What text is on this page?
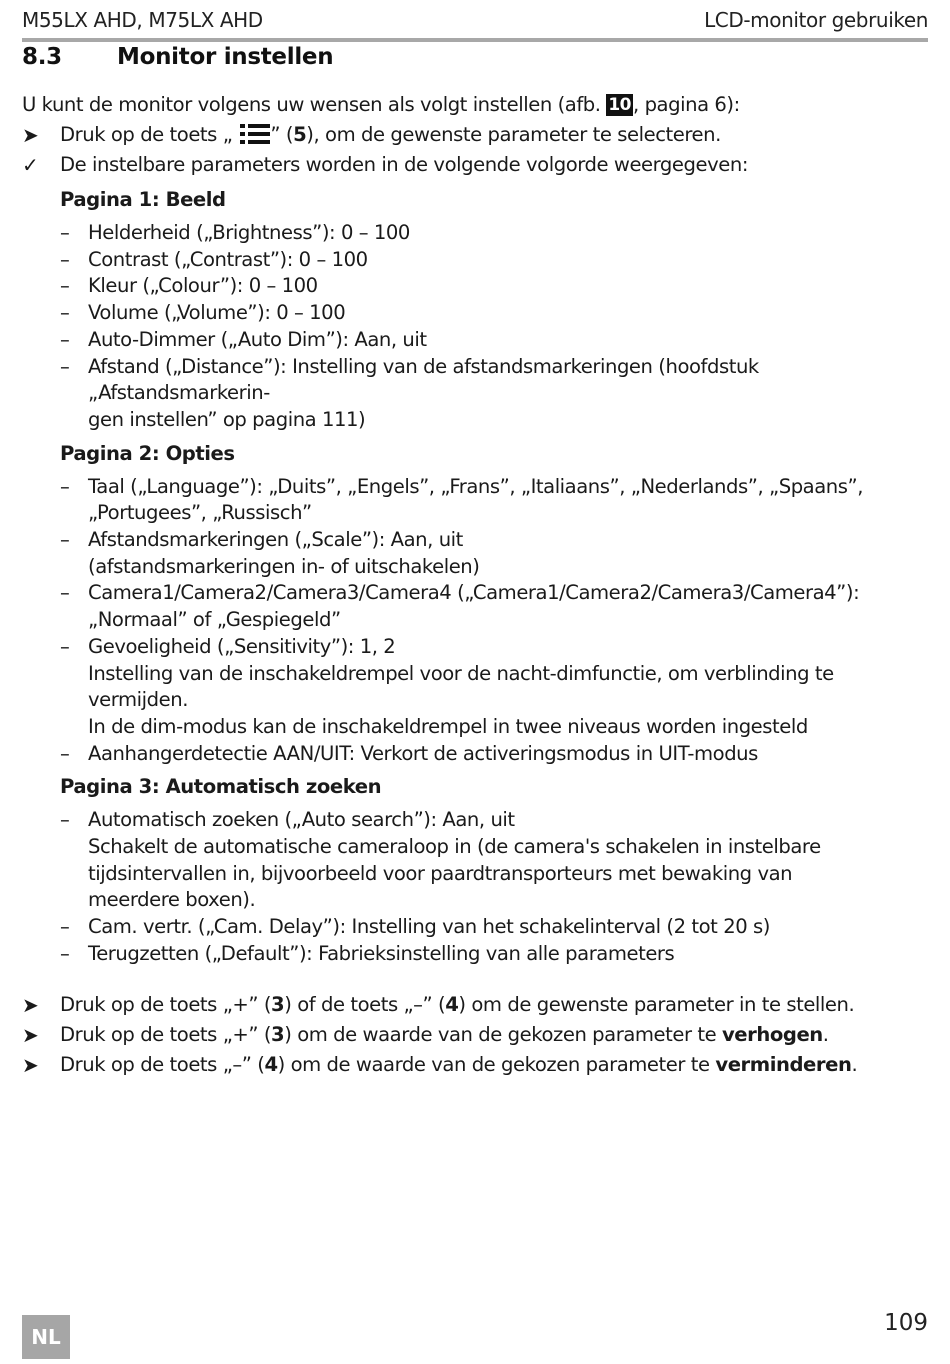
M55LX AHD, M75LX AHD	LCD-monitor gebruiken
8.3 Monitor instellen

U kunt de monitor volgens uw wensen als volgt instellen (afb. 10 , pagina 6):

➤	Druk op de toets „ ” (5), om de gewenste parameter te selecteren.
✓	De instelbare parameters worden in de volgende volgorde weergegeven:
Pagina 1: Beeld
– Helderheid („Brightness”): 0 – 100
– Contrast („Contrast”): 0 – 100
– Kleur („Colour”): 0 – 100
– Volume („Volume”): 0 – 100
– Auto-Dimmer („Auto Dim”): Aan, uit
– Afstand („Distance”): Instelling van de afstandsmarkeringen (hoofdstuk „Afstandsmarkerin-
gen instellen” op pagina 111)
Pagina 2: Opties
– Taal („Language”): „Duits”, „Engels”, „Frans”, „Italiaans”, „Nederlands”, „Spaans”,
„Portugees”, „Russisch”
– Afstandsmarkeringen („Scale”): Aan, uit
(afstandsmarkeringen in- of uitschakelen)
– Camera1/Camera2/Camera3/Camera4 („Camera1/Camera2/Camera3/Camera4”):
„Normaal” of „Gespiegeld”
– Gevoeligheid („Sensitivity”): 1, 2
Instelling van de inschakeldrempel voor de nacht-dimfunctie, om verblinding te vermijden.
In de dim-modus kan de inschakeldrempel in twee niveaus worden ingesteld
– Aanhangerdetectie AAN/UIT: Verkort de activeringsmodus in UIT-modus
Pagina 3: Automatisch zoeken
– Automatisch zoeken („Auto search”): Aan, uit
Schakelt de automatische cameraloop in (de camera's schakelen in instelbare
tijdsintervallen in, bijvoorbeeld voor paardtransporteurs met bewaking van
meerdere boxen).
– Cam. vertr. („Cam. Delay”): Instelling van het schakelinterval (2 tot 20 s)
– Terugzetten („Default”): Fabrieksinstelling van alle parameters
➤	Druk op de toets „+” (3) of de toets „–” (4) om de gewenste parameter in te stellen.
➤	Druk op de toets „+” (3) om de waarde van de gekozen parameter te verhogen.
➤	Druk op de toets „–” (4) om de waarde van de gekozen parameter te verminderen.
NL
109
